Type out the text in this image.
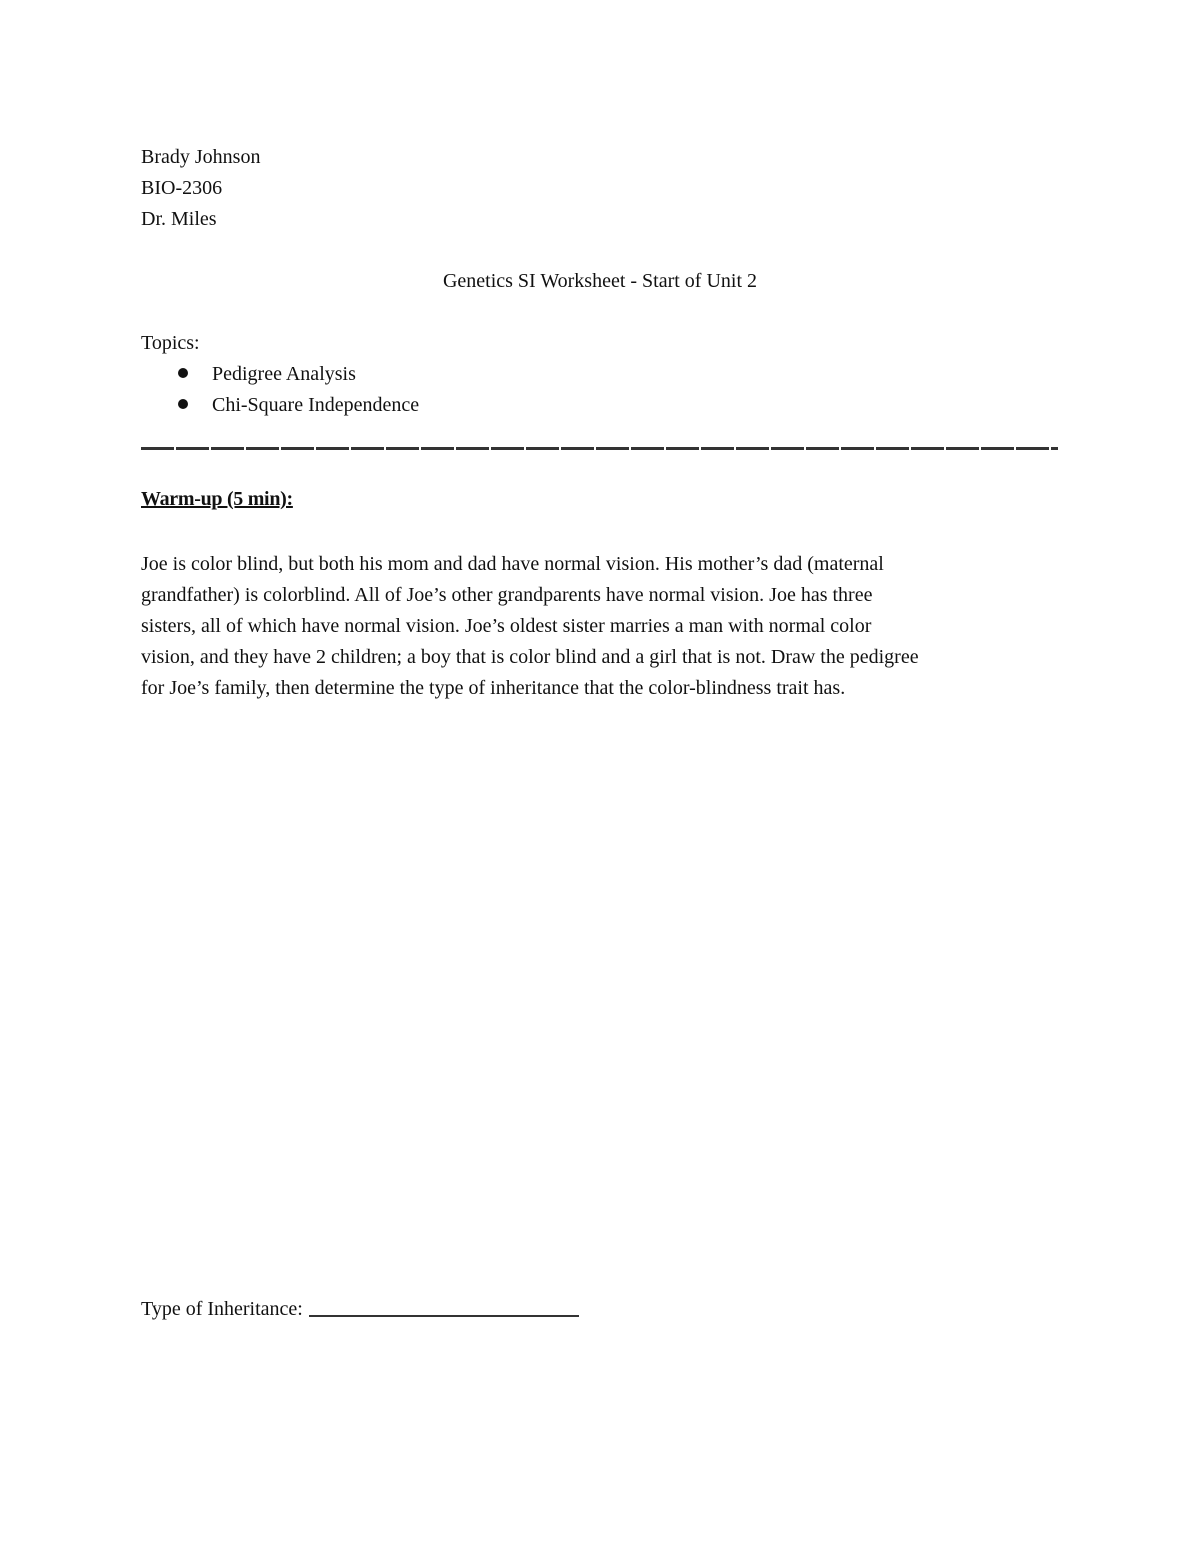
Brady Johnson
BIO-2306
Dr. Miles
Genetics SI Worksheet - Start of Unit 2
Topics:
Pedigree Analysis
Chi-Square Independence
Warm-up (5 min):
Joe is color blind, but both his mom and dad have normal vision. His mother’s dad (maternal
grandfather) is colorblind. All of Joe’s other grandparents have normal vision. Joe has three
sisters, all of which have normal vision. Joe’s oldest sister marries a man with normal color
vision, and they have 2 children; a boy that is color blind and a girl that is not. Draw the pedigree
for Joe’s family, then determine the type of inheritance that the color-blindness trait has.
Type of Inheritance:
